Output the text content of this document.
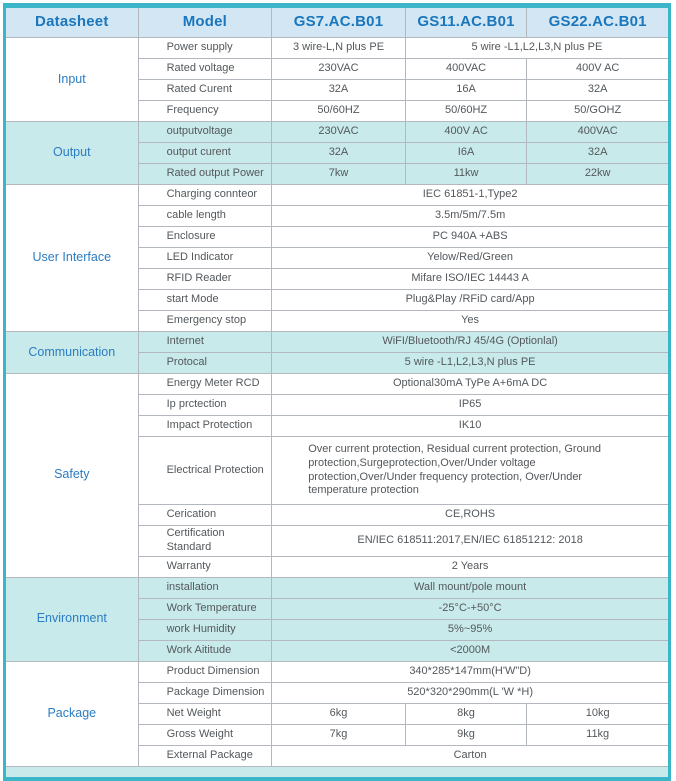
Datasheet	Model	GS7.AC.B01	GS11.AC.B01	GS22.AC.B01
Input	Power supply	3 wire-L,N plus PE	5 wire -L1,L2,L3,N plus PE	
	Rated voltage	230VAC	400VAC	400V AC
	Rated Curent	32A	16A	32A
	Frequency	50/60HZ	50/60HZ	50/GOHZ
Output	outputvoltage	230VAC	400V AC	400VAC
	output curent	32A	I6A	32A
	Rated output Power	7kw	11kw	22kw
User Interface	Charging connteor	IEC 61851-1,Type2		
	cable length	3.5m/5m/7.5m		
	Enclosure	PC 940A +ABS		
	LED Indicator	Yelow/Red/Green		
	RFID Reader	Mifare ISO/IEC 14443 A		
	start Mode	Plug&Play /RFiD card/App		
	Emergency stop	Yes		
Communication	Internet	WiFI/Bluetooth/RJ 45/4G (Optionlal)		
	Protocal	5 wire -L1,L2,L3,N plus PE		
Safety	Energy Meter RCD	Optional30mA TyPe A+6mA DC		
	Ip prctection	IP65		
	Impact Protection	IK10		
	Electrical Protection	Over current protection, Residual current protection, Ground protection,Surgeprotection,Over/Under voltage protection,Over/Under frequency protection, Over/Under temperature protection		
	Cerication	CE,ROHS		
	Certification Standard	EN/IEC 618511:2017,EN/IEC 61851212: 2018		
	Warranty	2 Years		
Environment	installation	Wall mount/pole mount		
	Work Temperature	-25°C-+50°C		
	work Humidity	5%~95%		
	Work Aititude	<2000M		
Package	Product Dimension	340*285*147mm(H'W"D)		
	Package Dimension	520*320*290mm(L 'W *H)		
	Net Weight	6kg	8kg	10kg
	Gross Weight	7kg	9kg	11kg
	External Package	Carton		
